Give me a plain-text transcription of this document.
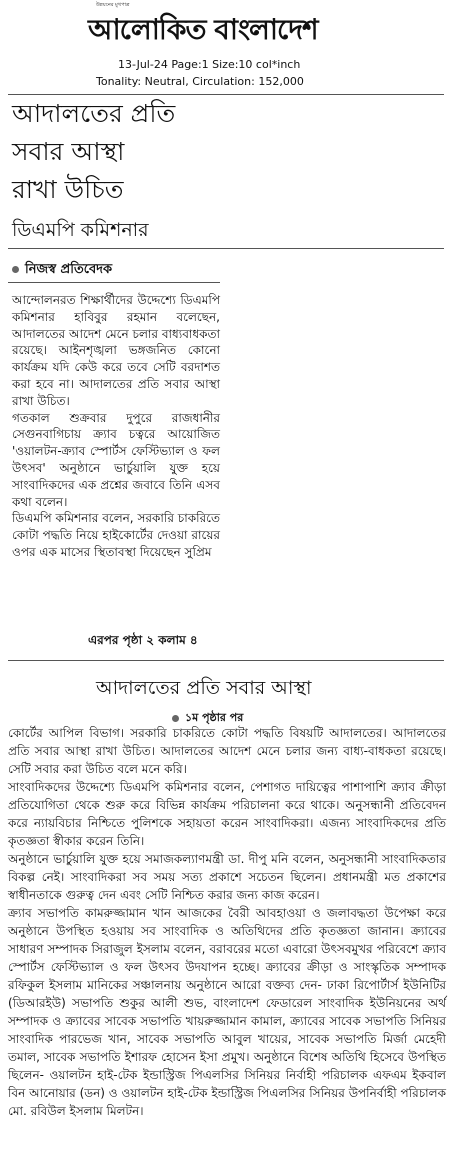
উন্নয়নের মুখপাত্র
আলোকিত বাংলাদেশ
13-Jul-24 Page:1 Size:10 col*inch
Tonality: Neutral, Circulation: 152,000
আদালতের প্রতি
সবার আস্থা
রাখা উচিত
ডিএমপি কমিশনার
নিজস্ব প্রতিবেদক

আন্দোলনরত শিক্ষার্থীদের উদ্দেশ্যে ডিএমপি কমিশনার হাবিবুর রহমান বলেছেন, আদালতের আদেশ মেনে চলার বাধ্যবাধকতা রয়েছে। আইনশৃঙ্খলা ভঙ্গজনিত কোনো কার্যক্রম যদি কেউ করে তবে সেটি বরদাশত করা হবে না। আদালতের প্রতি সবার আস্থা রাখা উচিত।

গতকাল শুক্রবার দুপুরে রাজধানীর সেগুনবাগিচায় ক্র্যাব চত্বরে আয়োজিত 'ওয়ালটন-ক্র্যাব স্পোর্টস ফেস্টিভ্যাল ও ফল উৎসব' অনুষ্ঠানে ভার্চুয়ালি যুক্ত হয়ে সাংবাদিকদের এক প্রশ্নের জবাবে তিনি এসব কথা বলেন।

ডিএমপি কমিশনার বলেন, সরকারি চাকরিতে কোটা পদ্ধতি নিয়ে হাইকোর্টের দেওয়া রায়ের ওপর এক মাসের স্থিতাবস্থা দিয়েছেন সুপ্রিম

এরপর পৃষ্ঠা ২ কলাম ৪
আদালতের প্রতি সবার আস্থা
১ম পৃষ্ঠার পর

কোর্টের আপিল বিভাগ। সরকারি চাকরিতে কোটা পদ্ধতি বিষয়টি আদালতের। আদালতের প্রতি সবার আস্থা রাখা উচিত। আদালতের আদেশ মেনে চলার জন্য বাধ্য-বাধকতা রয়েছে। সেটি সবার করা উচিত বলে মনে করি।

সাংবাদিকদের উদ্দেশ্যে ডিএমপি কমিশনার বলেন, পেশাগত দায়িত্বের পাশাপাশি ক্র্যাব ক্রীড়া প্রতিযোগিতা থেকে শুরু করে বিভিন্ন কার্যক্রম পরিচালনা করে থাকে। অনুসন্ধানী প্রতিবেদন করে ন্যায়বিচার নিশ্চিতে পুলিশকে সহায়তা করেন সাংবাদিকরা। এজন্য সাংবাদিকদের প্রতি কৃতজ্ঞতা স্বীকার করেন তিনি।

অনুষ্ঠানে ভার্চুয়ালি যুক্ত হয়ে সমাজকল্যাণমন্ত্রী ডা. দীপু মনি বলেন, অনুসন্ধানী সাংবাদিকতার বিকল্প নেই। সাংবাদিকরা সব সময় সত্য প্রকাশে সচেতন ছিলেন। প্রধানমন্ত্রী মত প্রকাশের স্বাধীনতাকে গুরুত্ব দেন এবং সেটি নিশ্চিত করার জন্য কাজ করেন।

ক্র্যাব সভাপতি কামরুজ্জামান খান আজকের বৈরী আবহাওয়া ও জলাবদ্ধতা উপেক্ষা করে অনুষ্ঠানে উপস্থিত হওয়ায় সব সাংবাদিক ও অতিথিদের প্রতি কৃতজ্ঞতা জানান। ক্র্যাবের সাধারণ সম্পাদক সিরাজুল ইসলাম বলেন, বরাবরের মতো এবারো উৎসবমুখর পরিবেশে ক্র্যাব স্পোর্টস ফেস্টিভ্যাল ও ফল উৎসব উদযাপন হচ্ছে। ক্র্যাবের ক্রীড়া ও সাংস্কৃতিক সম্পাদক রফিকুল ইসলাম মানিকের সঞ্চালনায় অনুষ্ঠানে আরো বক্তব্য দেন- ঢাকা রিপোর্টার্স ইউনিটির (ডিআরইউ) সভাপতি শুকুর আলী শুভ, বাংলাদেশ ফেডারেল সাংবাদিক ইউনিয়নের অর্থ সম্পাদক ও ক্র্যাবের সাবেক সভাপতি খায়রুজ্জামান কামাল, ক্র্যাবের সাবেক সভাপতি সিনিয়র সাংবাদিক পারভেজ খান, সাবেক সভাপতি আবুল খায়ের, সাবেক সভাপতি মির্জা মেহেদী তমাল, সাবেক সভাপতি ইশারফ হোসেন ইসা প্রমুখ। অনুষ্ঠানে বিশেষ অতিথি হিসেবে উপস্থিত ছিলেন- ওয়ালটন হাই-টেক ইন্ডাস্ট্রিজ পিএলসির সিনিয়র নির্বাহী পরিচালক এফএম ইকবাল বিন আনোয়ার (ডন) ও ওয়ালটন হাই-টেক ইন্ডাস্ট্রিজ পিএলসির সিনিয়র উপনির্বাহী পরিচালক মো. রবিউল ইসলাম মিলটন।
